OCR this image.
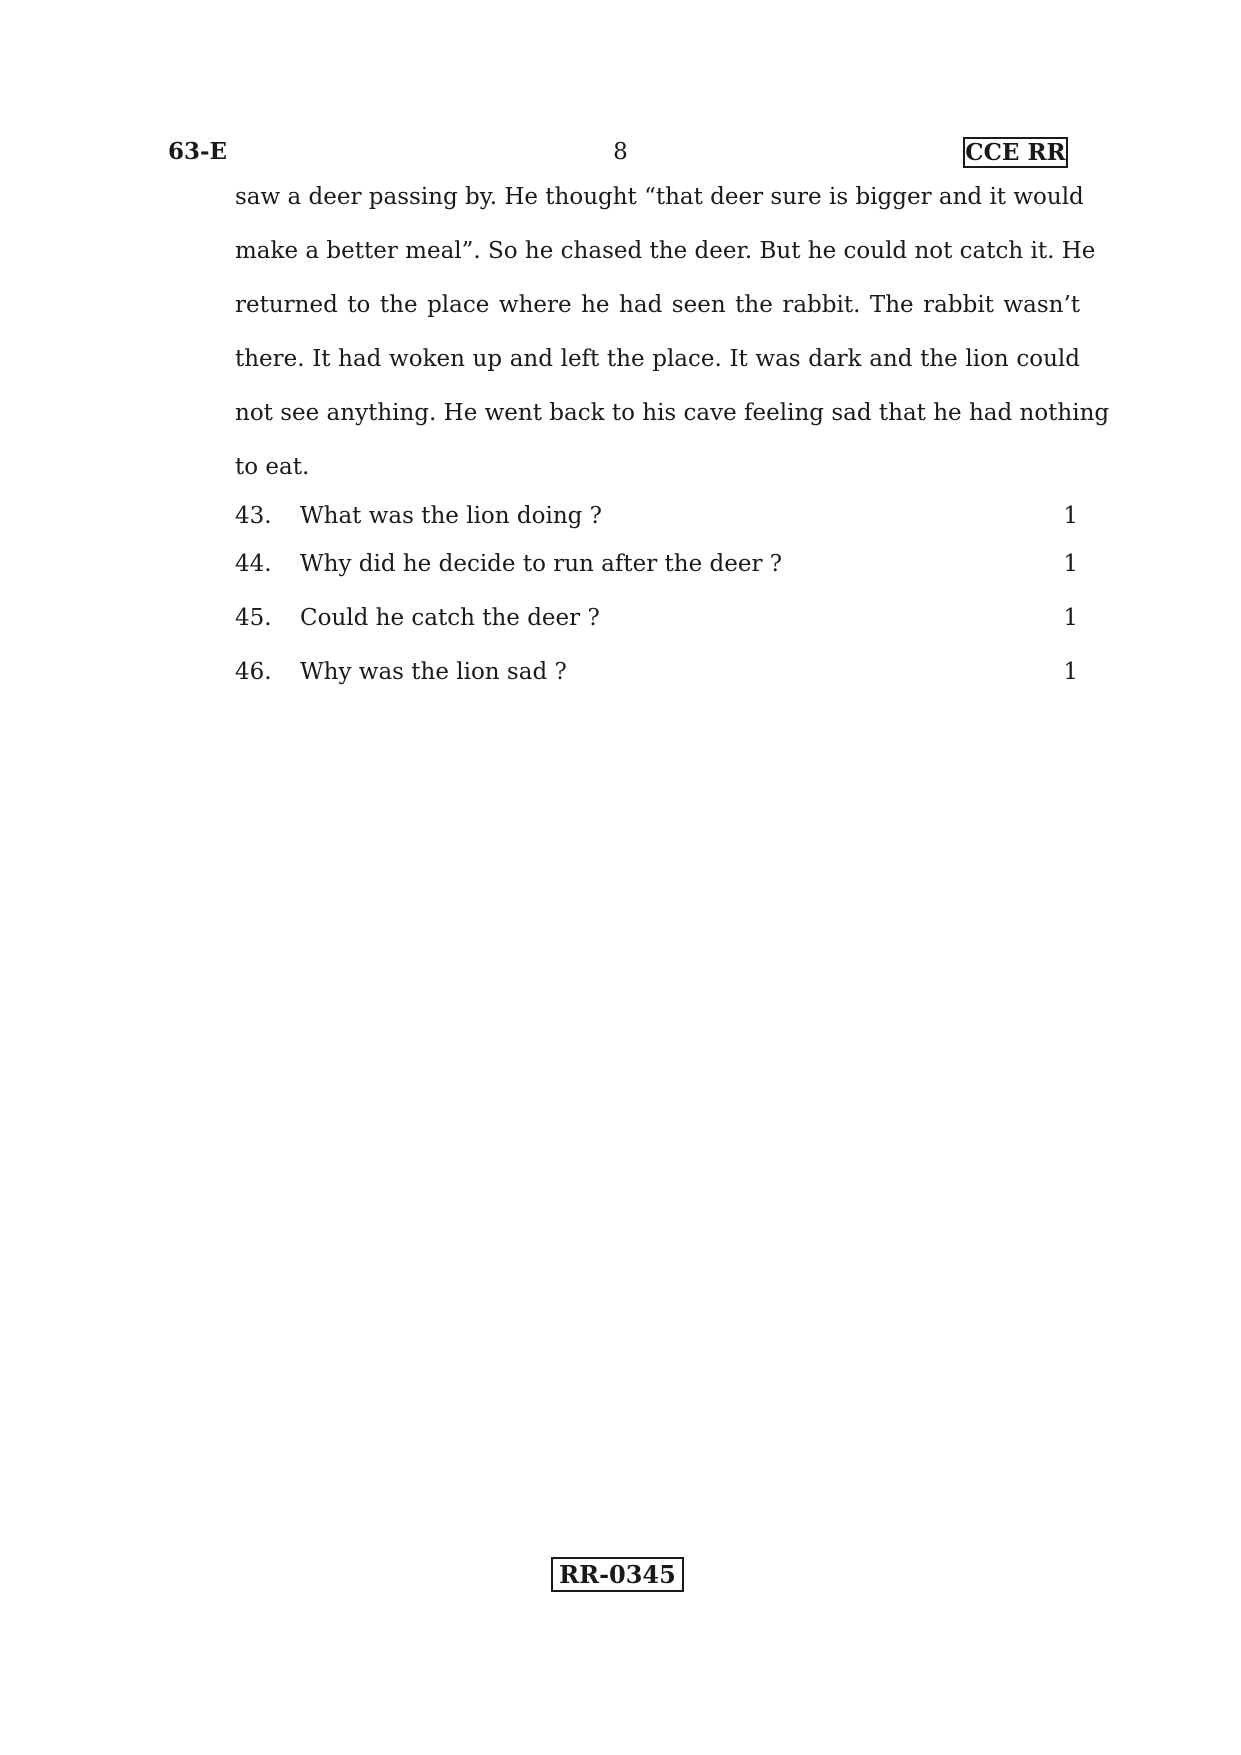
63-E	8	CCE RR
saw a deer passing by. He thought “that deer sure is bigger and it would
make a better meal”. So he chased the deer. But he could not catch it. He
returned to the place where he had seen the rabbit. The rabbit wasn’t
there. It had woken up and left the place. It was dark and the lion could
not see anything. He went back to his cave feeling sad that he had nothing
to eat.
43. What was the lion doing ?	1
44. Why did he decide to run after the deer ?	1
45. Could he catch the deer ?	1
46. Why was the lion sad ?	1
RR-0345
